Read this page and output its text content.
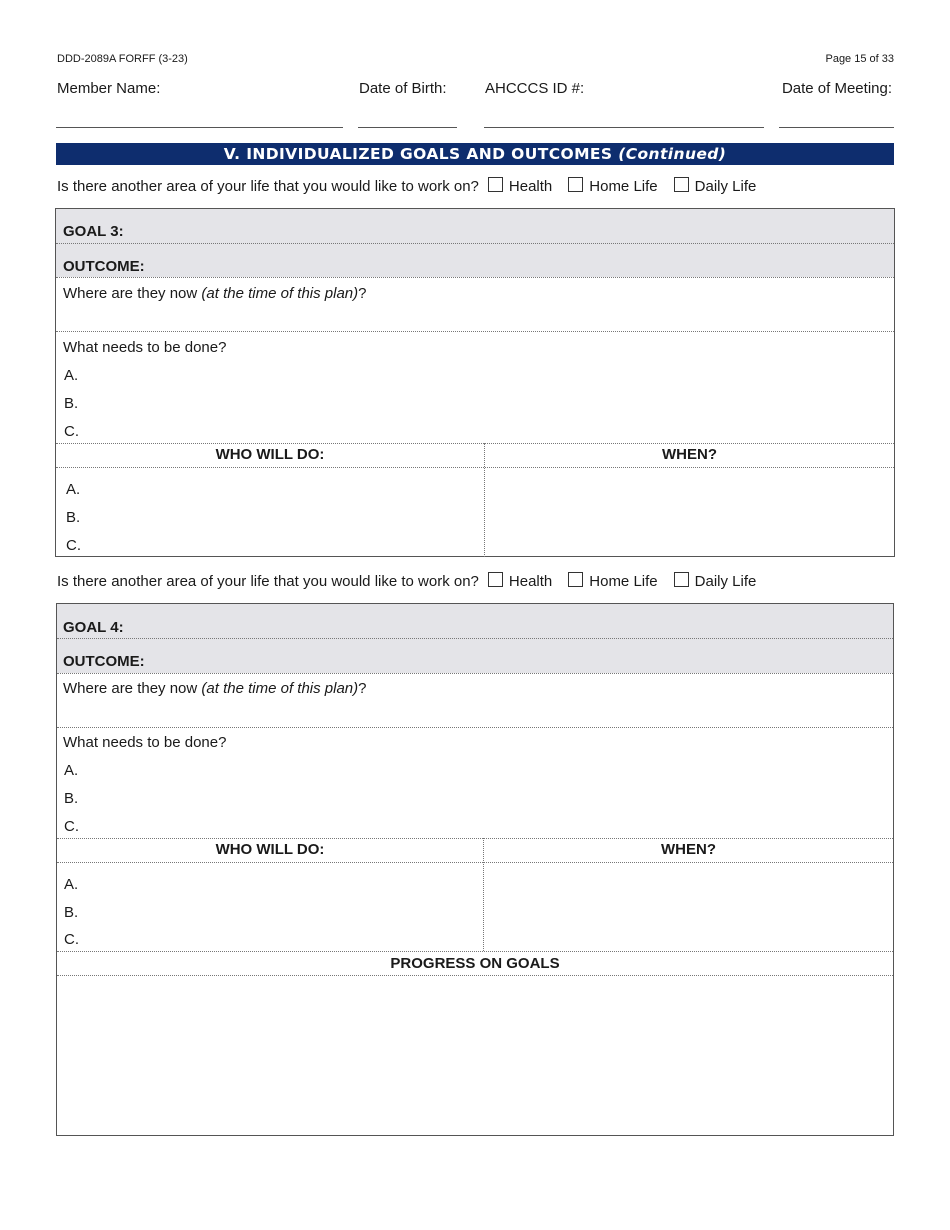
DDD-2089A FORFF (3-23)	Page 15 of 33
Member Name:	Date of Birth:	AHCCCS ID #:	Date of Meeting:
V. INDIVIDUALIZED GOALS AND OUTCOMES (Continued)
Is there another area of your life that you would like to work on? Health Home Life Daily Life
GOAL 3:
OUTCOME:
Where are they now (at the time of this plan)?
What needs to be done?
A.
B.
C.
WHO WILL DO:	WHEN?
A.
B.
C.
Is there another area of your life that you would like to work on? Health Home Life Daily Life
GOAL 4:
OUTCOME:
Where are they now (at the time of this plan)?
What needs to be done?
A.
B.
C.
WHO WILL DO:	WHEN?
A.
B.
C.
PROGRESS ON GOALS
